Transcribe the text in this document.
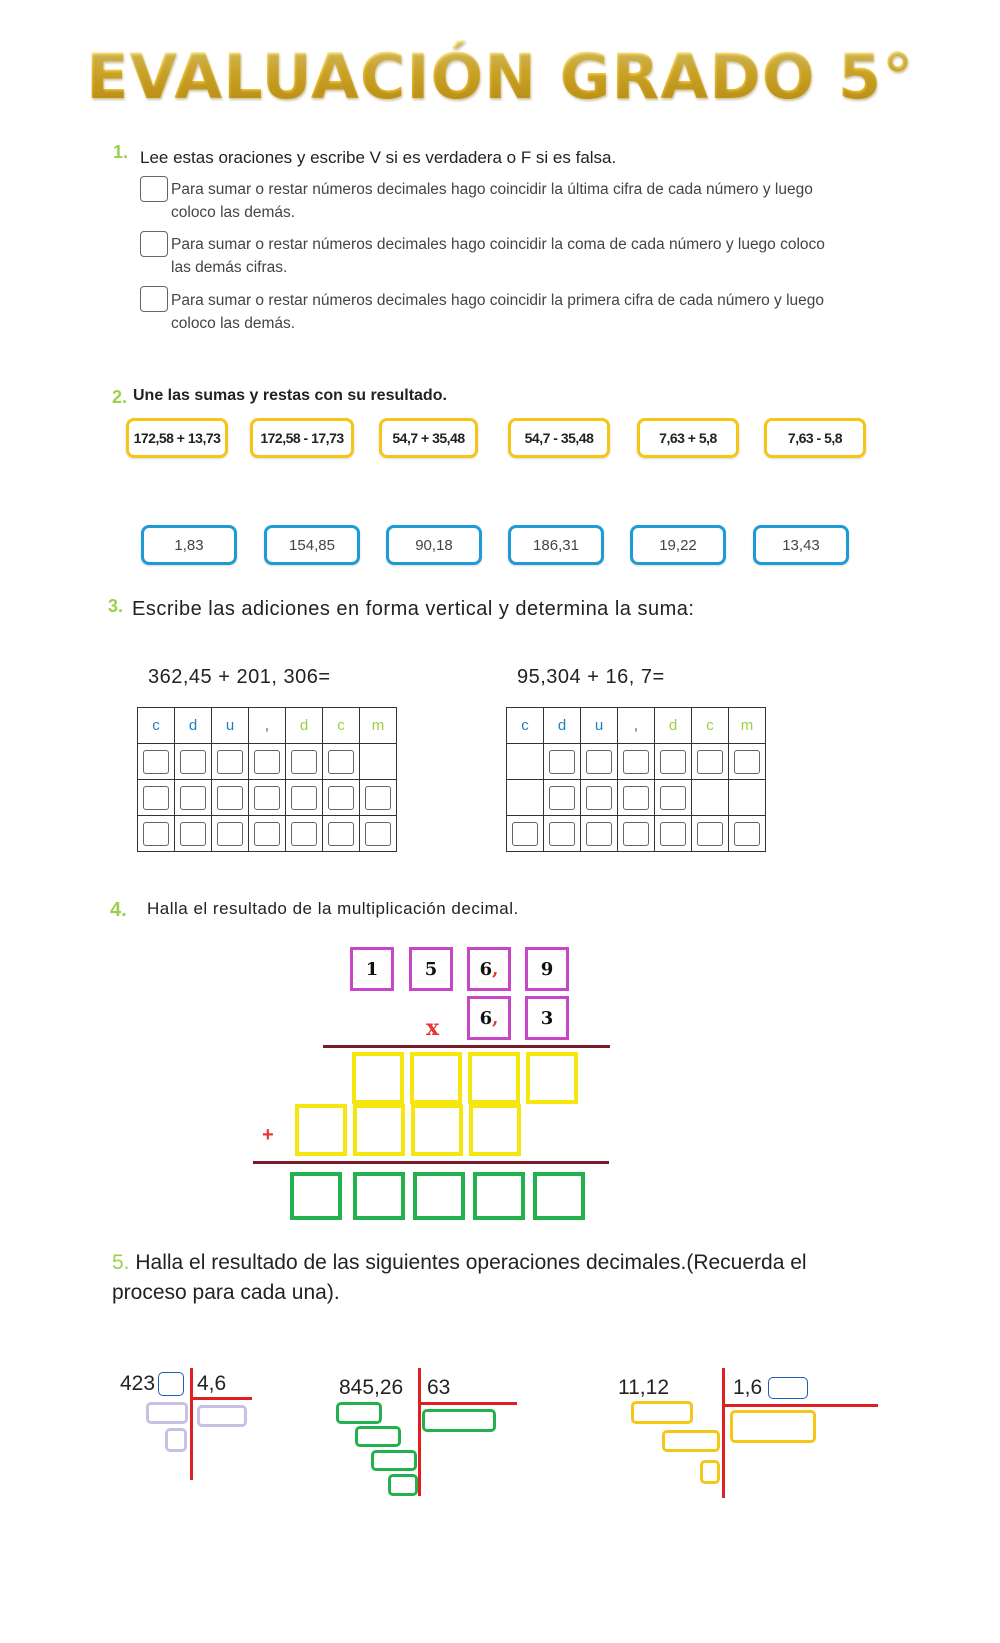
EVALUACIÓN GRADO 5°
1. Lee estas oraciones y escribe V si es verdadera o F si es falsa.
Para sumar o restar números decimales hago coincidir la última cifra de cada número y luego coloco las demás.
Para sumar o restar números decimales hago coincidir la coma de cada número y luego coloco las demás cifras.
Para sumar o restar números decimales hago coincidir la primera cifra de cada número y luego coloco las demás.
2. Une las sumas y restas con su resultado.
172,58 + 13,73	172,58 - 17,73	54,7 + 35,48	54,7 - 35,48	7,63 + 5,8	7,63 - 5,8
1,83	154,85	90,18	186,31	19,22	13,43
3. Escribe las adiciones en forma vertical y determina la suma:
362,45 + 201, 306=	95,304 + 16, 7=
c	d	u	,	d	c	m

		c	d	u	,	d	c	m

4. Halla el resultado de la multiplicación decimal.
1	5 6 , 9
x 6 , 3
+
5. Halla el resultado de las siguientes operaciones decimales.(Recuerda el proceso para cada una).
423 4,6	845,26 63	11,12	1,6
